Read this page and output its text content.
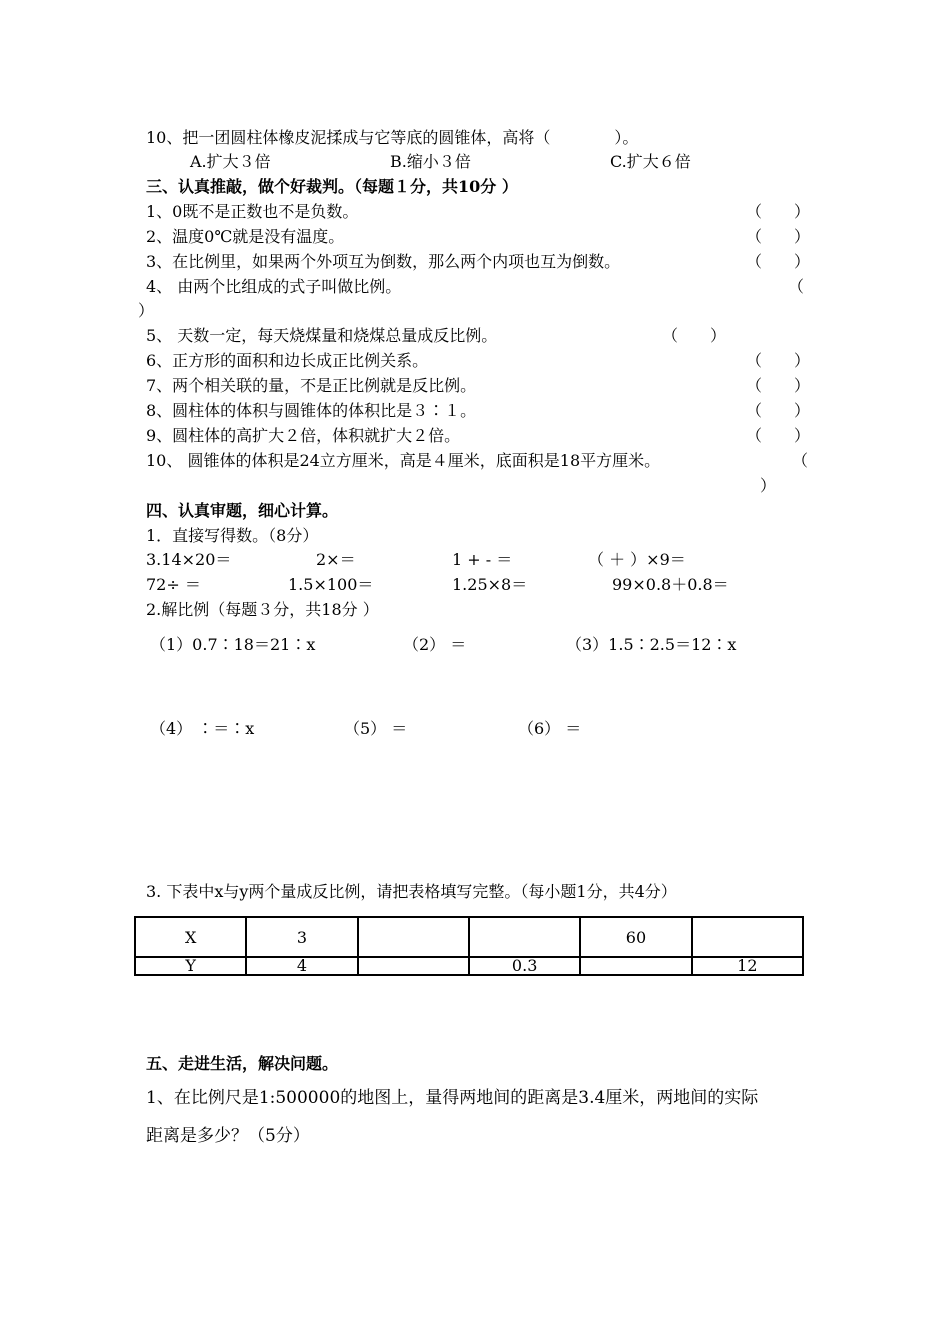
10、把一团圆柱体橡皮泥揉成与它等底的圆锥体，高将（　　　　）。
A.扩大３倍	B.缩小３倍	C.扩大６倍
三、认真推敲，做个好裁判。（每题１分，共10分 ）
1、0既不是正数也不是负数。	（　　）
2、温度0℃就是没有温度。	（　　）
3、在比例里，如果两个外项互为倒数，那么两个内项也互为倒数。	（　　）
4、 由两个比组成的式子叫做比例。	（
）
5、 天数一定，每天烧煤量和烧煤总量成反比例。	（　　）
6、正方形的面积和边长成正比例关系。	（　　）
7、两个相关联的量，不是正比例就是反比例。	（　　）
8、圆柱体的体积与圆锥体的体积比是３∶１。	（　　）
9、圆柱体的高扩大２倍，体积就扩大２倍。	（　　）
10、 圆锥体的体积是24立方厘米，高是４厘米，底面积是18平方厘米。	（
）
四、认真审题，细心计算。
1．直接写得数。（8分）
3.14×20＝	2×＝	1 + - ＝	（ ＋ ）×9＝
72÷ ＝	1.5×100＝	1.25×8＝	99×0.8＋0.8＝
2.解比例（每题３分，共18分 ）
（1）0.7∶18＝21∶x	（2） ＝	（3）1.5∶2.5＝12∶x
（4） ∶＝∶x	（5） ＝	（6） ＝
3. 下表中x与y两个量成反比例，请把表格填写完整。（每小题1分，共4分）
X	3			60	
Y	4		0.3		12
五、走进生活，解决问题。
1、在比例尺是1:500000的地图上，量得两地间的距离是3.4厘米，两地间的实际
距离是多少？（5分）
